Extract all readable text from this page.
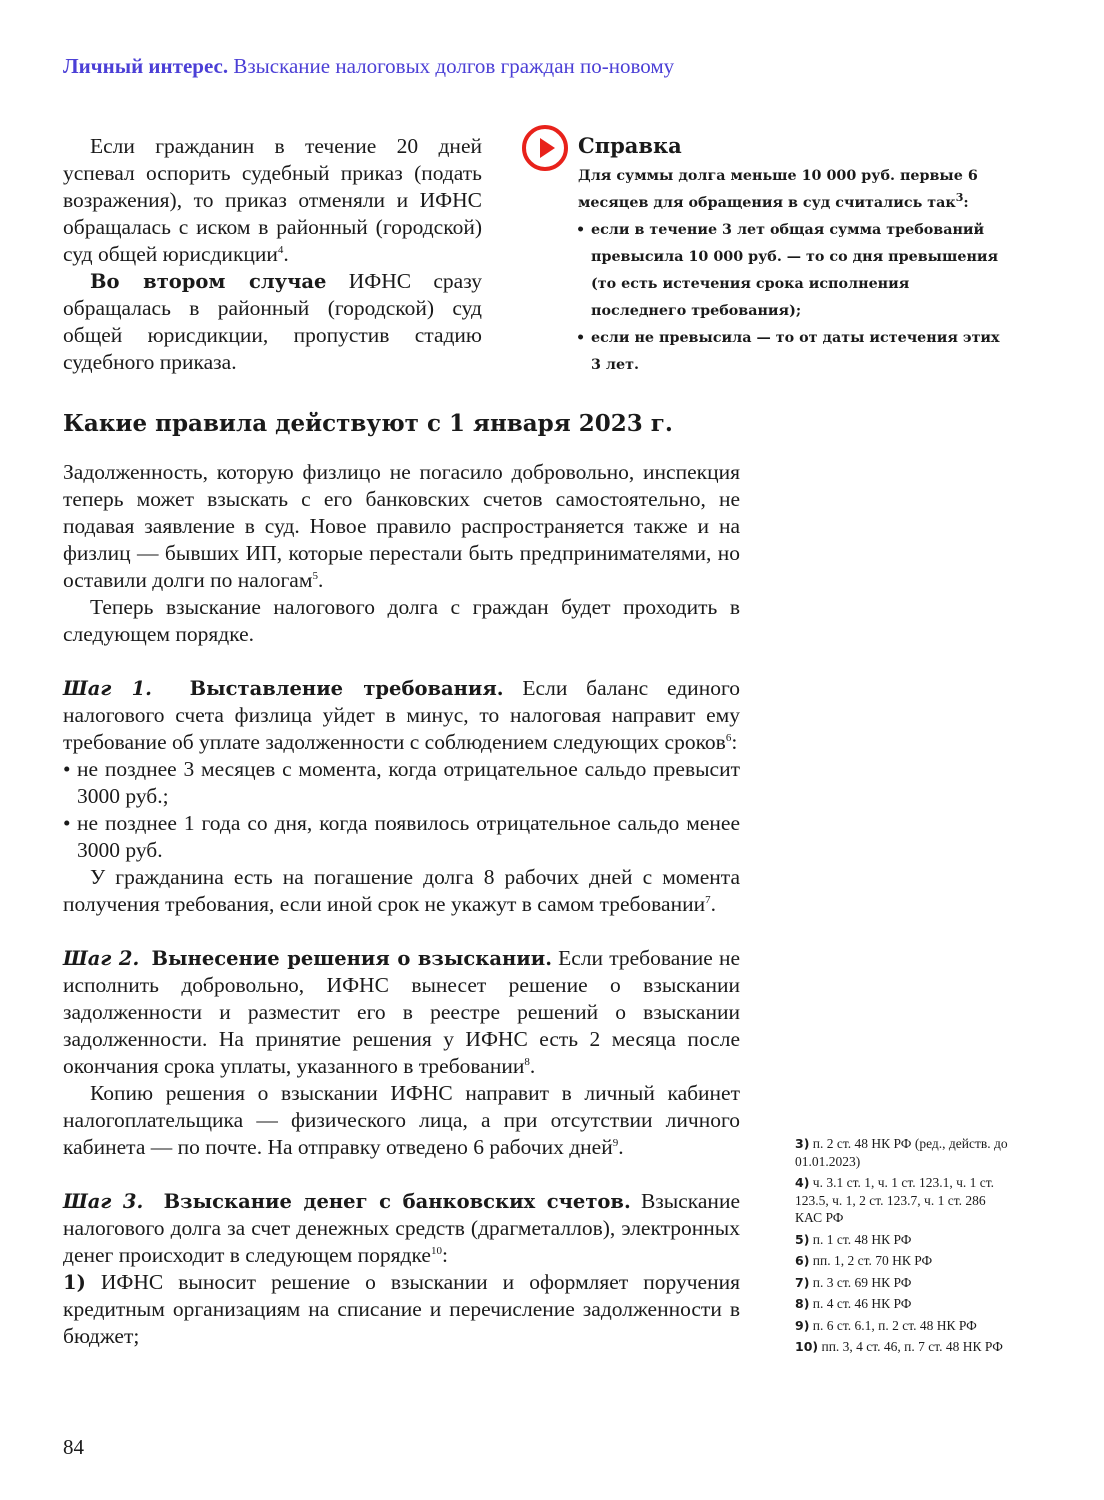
Личный интерес. Взыскание налоговых долгов граждан по-новому

Если гражданин в течение 20 дней успевал оспорить судебный приказ (подать возражения), то приказ отменяли и ИФНС обращалась с иском в районный (городской) суд общей юрисдикции$^4$.

Во втором случае ИФНС сразу обращалась в районный (городской) суд общей юрисдикции, пропустив стадию судебного приказа.

Справка
Для суммы долга меньше 10 000 руб. первые 6 месяцев для обращения в суд считались так$^3$:
• если в течение 3 лет общая сумма требований превысила 10 000 руб. — то со дня превышения (то есть истечения срока исполнения последнего требования);
• если не превысила — то от даты истечения этих 3 лет.
Какие правила действуют с 1 января 2023 г.

Задолженность, которую физлицо не погасило добровольно, инспекция теперь может взыскать с его банковских счетов самостоятельно, не подавая заявление в суд. Новое правило распространяется также и на физлиц — бывших ИП, которые перестали быть предпринимателями, но оставили долги по налогам$^5$.

Теперь взыскание налогового долга с граждан будет проходить в следующем порядке.

Шаг 1. Выставление требования. Если баланс единого налогового счета физлица уйдет в минус, то налоговая направит ему требование об уплате задолженности с соблюдением следующих сроков$^6$:

• не позднее 3 месяцев с момента, когда отрицательное сальдо превысит 3000 руб.;

• не позднее 1 года со дня, когда появилось отрицательное сальдо менее 3000 руб.

У гражданина есть на погашение долга 8 рабочих дней с момента получения требования, если иной срок не укажут в самом требовании$^7$.

Шаг 2. Вынесение решения о взыскании. Если требование не исполнить добровольно, ИФНС вынесет решение о взыскании задолженности и разместит его в реестре решений о взыскании задолженности. На принятие решения у ИФНС есть 2 месяца после окончания срока уплаты, указанного в требовании$^8$.

Копию решения о взыскании ИФНС направит в личный кабинет налогоплательщика — физического лица, а при отсутствии личного кабинета — по почте. На отправку отведено 6 рабочих дней$^9$.

Шаг 3. Взыскание денег с банковских счетов. Взыскание налогового долга за счет денежных средств (драгметаллов), электронных денег происходит в следующем порядке$^{10}$:

1) ИФНС выносит решение о взыскании и оформляет поручения кредитным организациям на списание и перечисление задолженности в бюджет;

3) п. 2 ст. 48 НК РФ (ред., действ. до 01.01.2023)
4) ч. 3.1 ст. 1, ч. 1 ст. 123.1, ч. 1 ст. 123.5, ч. 1, 2 ст. 123.7, ч. 1 ст. 286 КАС РФ
5) п. 1 ст. 48 НК РФ
6) пп. 1, 2 ст. 70 НК РФ
7) п. 3 ст. 69 НК РФ
8) п. 4 ст. 46 НК РФ
9) п. 6 ст. 6.1, п. 2 ст. 48 НК РФ
10) пп. 3, 4 ст. 46, п. 7 ст. 48 НК РФ
84
